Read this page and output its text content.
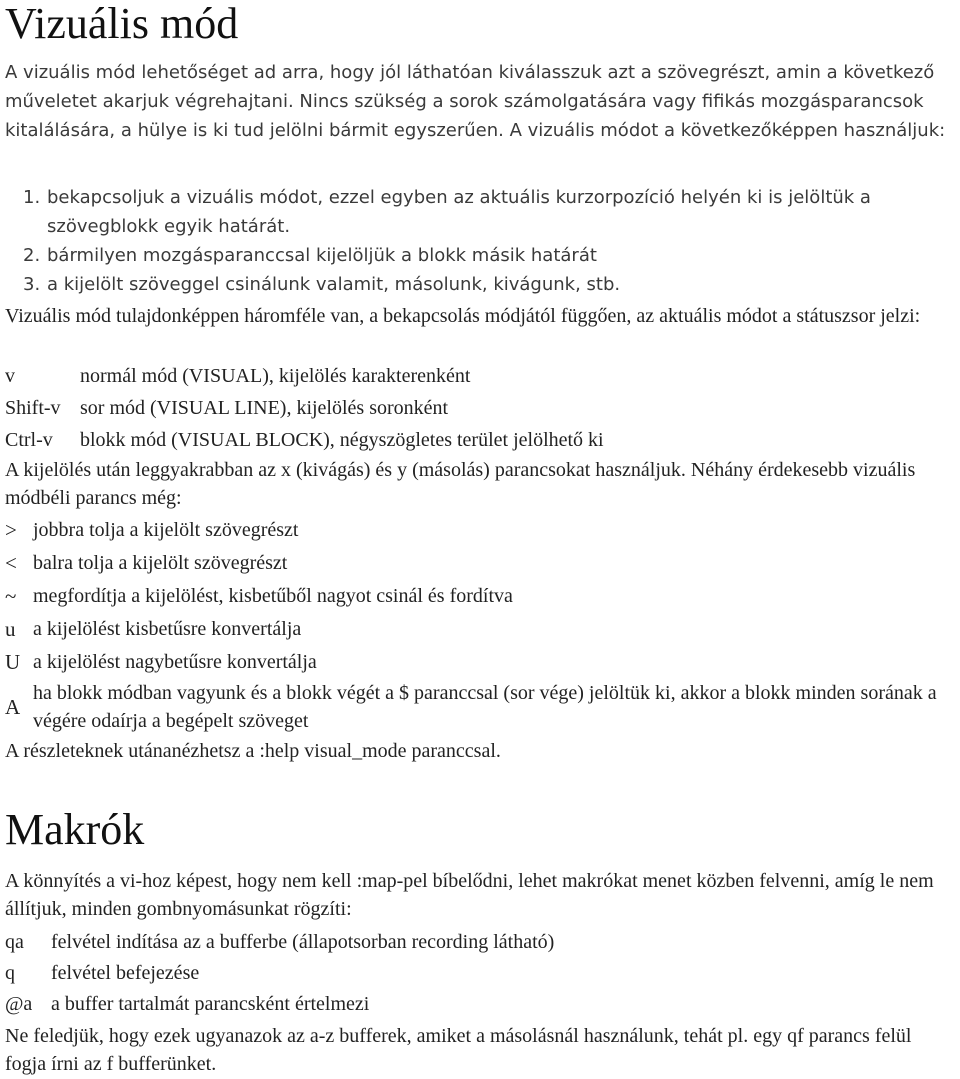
Vizuális mód
A vizuális mód lehetőséget ad arra, hogy jól láthatóan kiválasszuk azt a szövegrészt, amin a következő műveletet akarjuk végrehajtani. Nincs szükség a sorok számolgatására vagy fifikás mozgásparancsok kitalálására, a hülye is ki tud jelölni bármit egyszerűen. A vizuális módot a következőképpen használjuk:
1. bekapcsoljuk a vizuális módot, ezzel egyben az aktuális kurzorpozíció helyén ki is jelöltük a szövegblokk egyik határát.
2. bármilyen mozgásparanccsal kijelöljük a blokk másik határát
3. a kijelölt szöveggel csinálunk valamit, másolunk, kivágunk, stb.
Vizuális mód tulajdonképpen háromféle van, a bekapcsolás módjától függően, az aktuális módot a státuszsor jelzi:
v	normál mód (VISUAL), kijelölés karakterenként
Shift-v	sor mód (VISUAL LINE), kijelölés soronként
Ctrl-v	blokk mód (VISUAL BLOCK), négyszögletes terület jelölhető ki
A kijelölés után leggyakrabban az x (kivágás) és y (másolás) parancsokat használjuk. Néhány érdekesebb vizuális módbéli parancs még:
>	jobbra tolja a kijelölt szövegrészt
<	balra tolja a kijelölt szövegrészt
~	megfordítja a kijelölést, kisbetűből nagyot csinál és fordítva
u	a kijelölést kisbetűsre konvertálja
U	a kijelölést nagybetűsre konvertálja
A	ha blokk módban vagyunk és a blokk végét a $ paranccsal (sor vége) jelöltük ki, akkor a blokk minden sorának a végére odaírja a begépelt szöveget
A részleteknek utánanézhetsz a :help visual_mode paranccsal.
Makrók
A könnyítés a vi-hoz képest, hogy nem kell :map-pel bíbelődni, lehet makrókat menet közben felvenni, amíg le nem állítjuk, minden gombnyomásunkat rögzíti:
qa	felvétel indítása az a bufferbe (állapotsorban recording látható)
q	felvétel befejezése
@a	a buffer tartalmát parancsként értelmezi
Ne feledjük, hogy ezek ugyanazok az a-z bufferek, amiket a másolásnál használunk, tehát pl. egy qf parancs felül fogja írni az f bufferünket.
